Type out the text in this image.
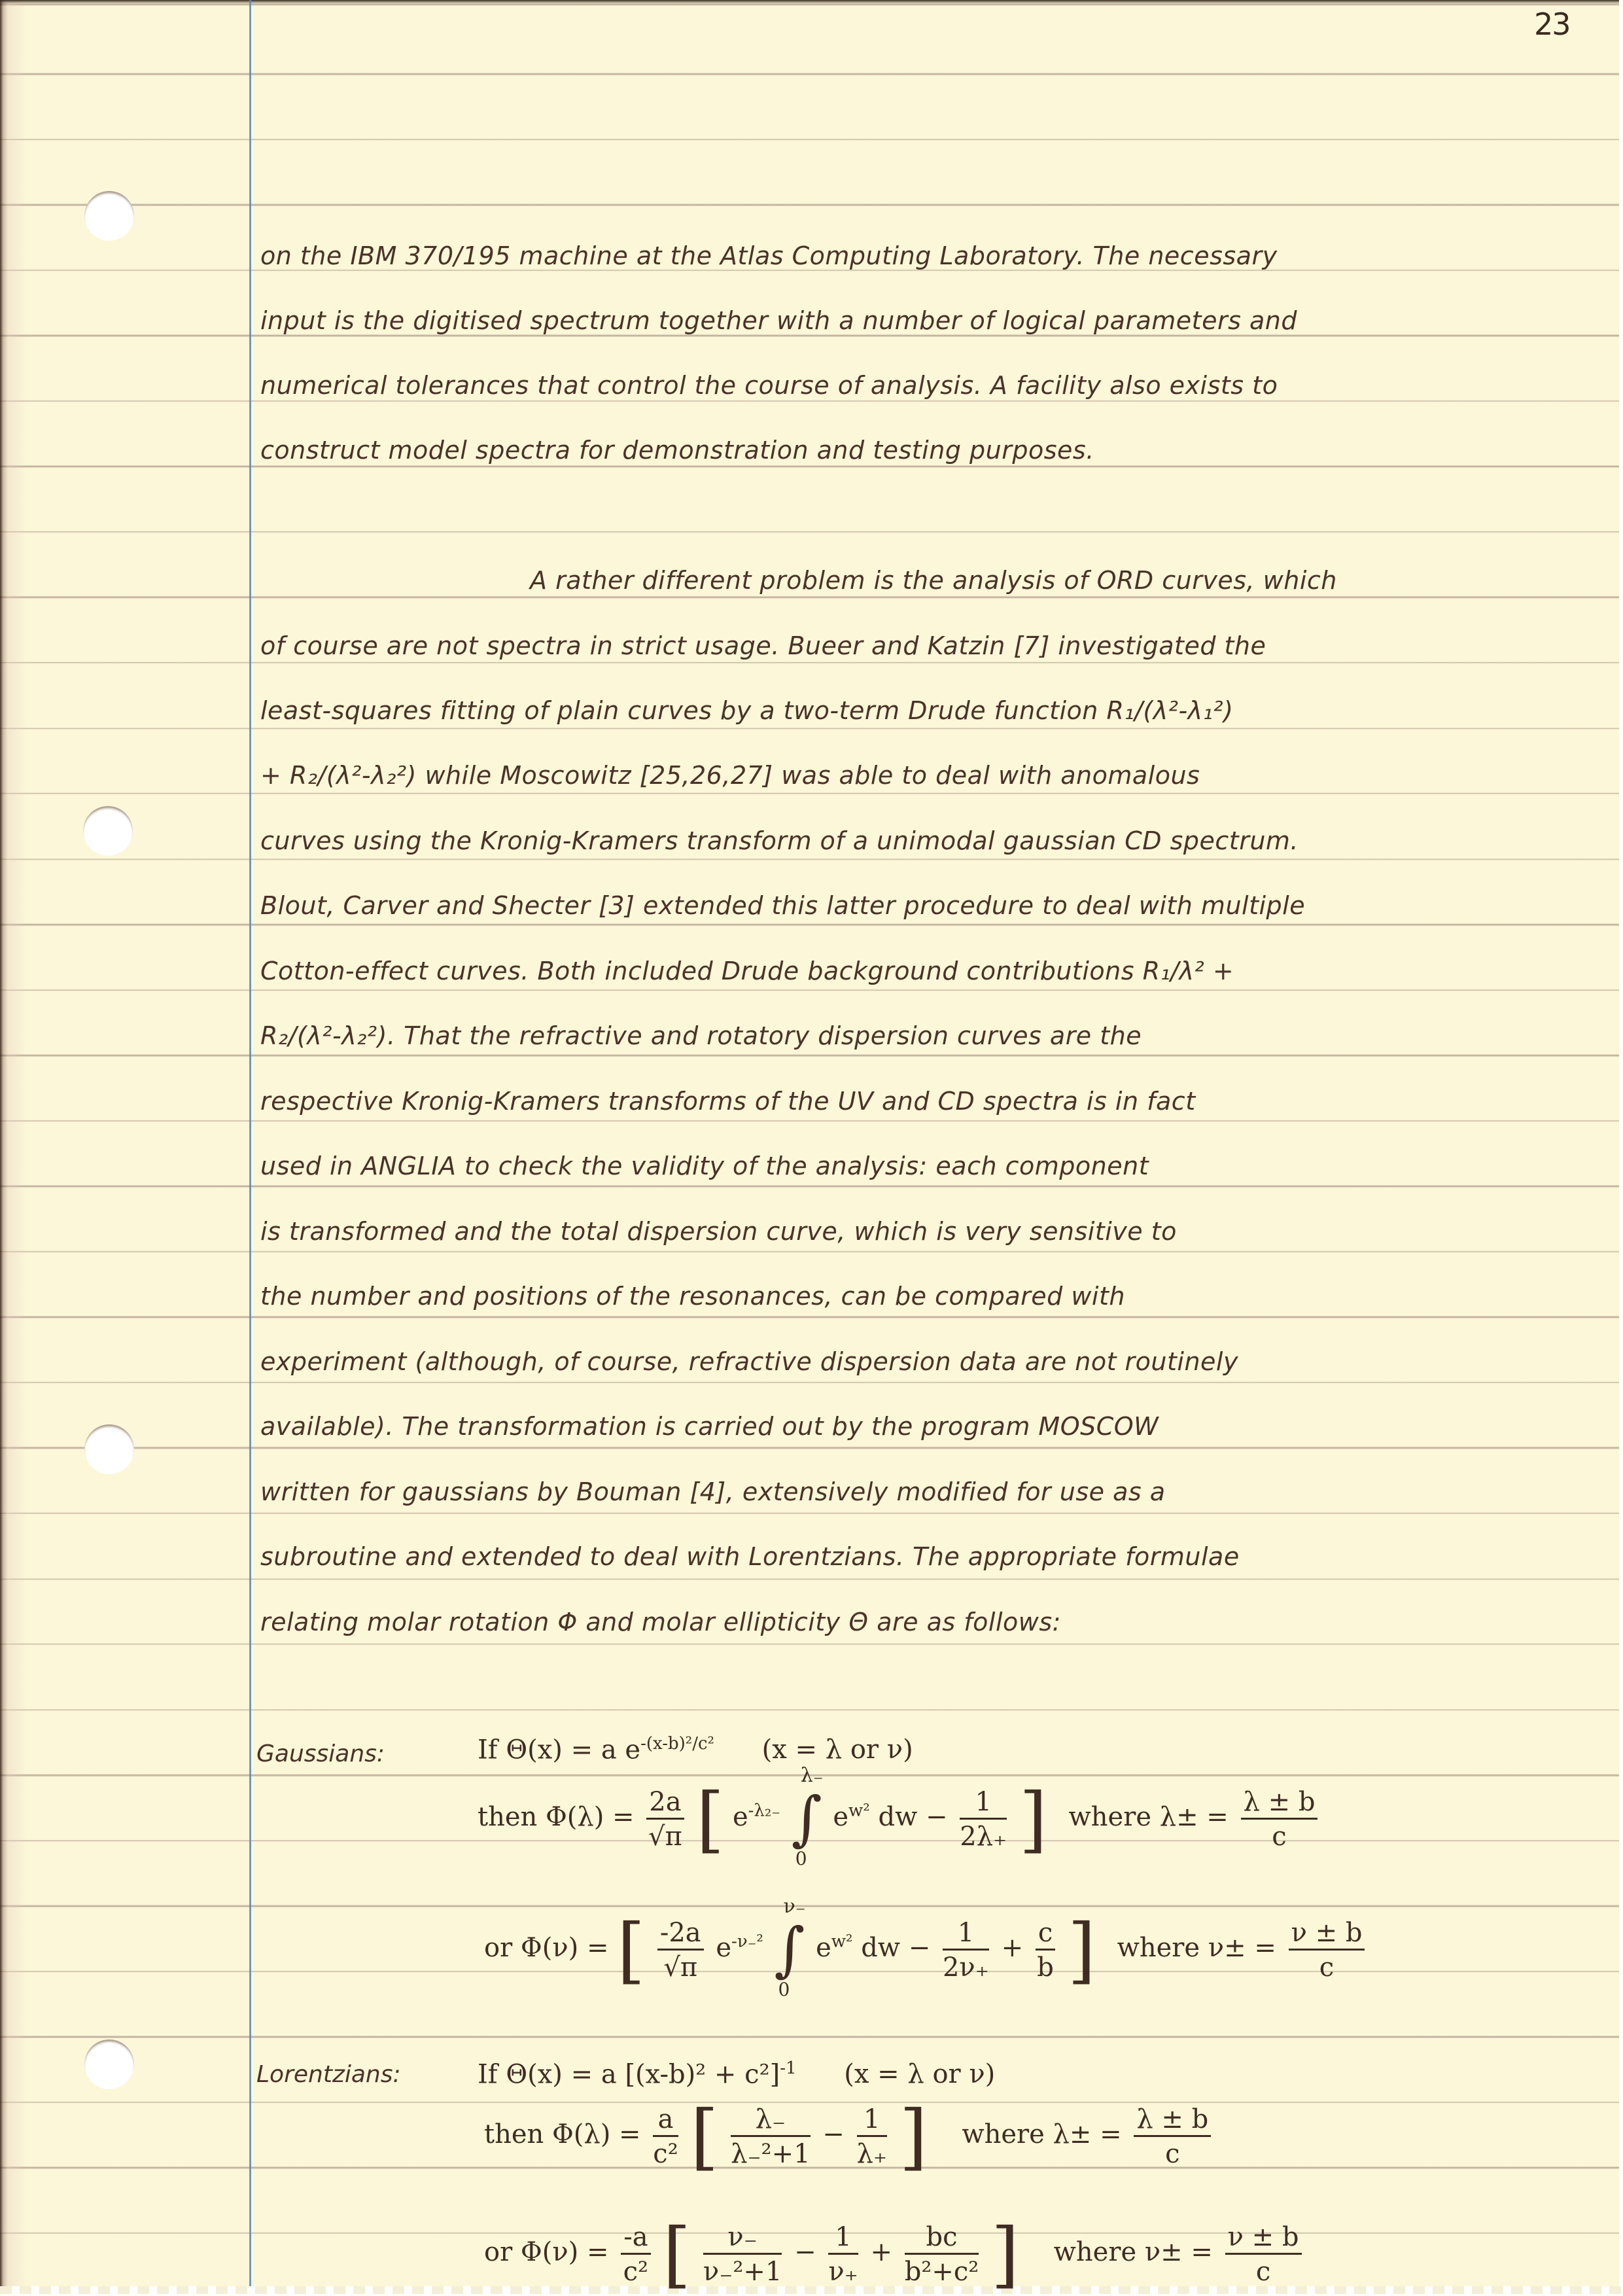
23
on the IBM 370/195 machine at the Atlas Computing Laboratory. The necessary
input is the digitised spectrum together with a number of logical parameters and
numerical tolerances that control the course of analysis. A facility also exists to
construct model spectra for demonstration and testing purposes.
A rather different problem is the analysis of ORD curves, which
of course are not spectra in strict usage. Bueer and Katzin [7] investigated the
least-squares fitting of plain curves by a two-term Drude function R₁/(λ²-λ₁²)
+ R₂/(λ²-λ₂²) while Moscowitz [25,26,27] was able to deal with anomalous
curves using the Kronig-Kramers transform of a unimodal gaussian CD spectrum.
Blout, Carver and Shecter [3] extended this latter procedure to deal with multiple
Cotton-effect curves. Both included Drude background contributions R₁/λ² +
R₂/(λ²-λ₂²). That the refractive and rotatory dispersion curves are the
respective Kronig-Kramers transforms of the UV and CD spectra is in fact
used in ANGLIA to check the validity of the analysis: each component
is transformed and the total dispersion curve, which is very sensitive to
the number and positions of the resonances, can be compared with
experiment (although, of course, refractive dispersion data are not routinely
available). The transformation is carried out by the program MOSCOW
written for gaussians by Bouman [4], extensively modified for use as a
subroutine and extended to deal with Lorentzians. The appropriate formulae
relating molar rotation Φ and molar ellipticity Θ are as follows:
Gaussians:	If Θ(x) = a $e^{-(x-b)^2/c^2}$ (x = λ or ν)
then $\Phi(\lambda) = \frac{2a}{√\pi}$ [ $e^{-\lambda_{2-}}$ ∫
λ₋
0
$e^{w^2}$ dw − $\frac{1}{2\lambda_+}$ ] where $\lambda\pm = \frac{\lambda \pm b}{c}$
or Φ(ν) = [ $\frac{-2a}{√\pi} e^{-\nu_-^2}$ ∫
ν₋
0
$e^{w^2}$ dw − $\frac{1}{2\nu_+} + \frac{c}{b}$ ] where $\nu\pm = \frac{\nu \pm b}{c}$
Lorentzians:	If Θ(x) = a $[(x-b)^2 + c^2]^{-1}$ (x = λ or ν)
then $\Phi(\lambda) = \frac{a}{\text{c²}}$ [ $\frac{\lambda_-}{\text{λ₋²+1}} - \frac{1}{\lambda_+}$ ] where $\lambda\pm = \frac{\lambda \pm b}{c}$
or $\Phi(\nu) = \frac{-a}{\text{c²}}$ [ $\frac{\nu_-}{\text{ν₋²+1}} - \frac{1}{\nu_+} + \frac{bc}{\text{b²+c²}}$ ] where $\nu\pm = \frac{\nu \pm b}{c}$
